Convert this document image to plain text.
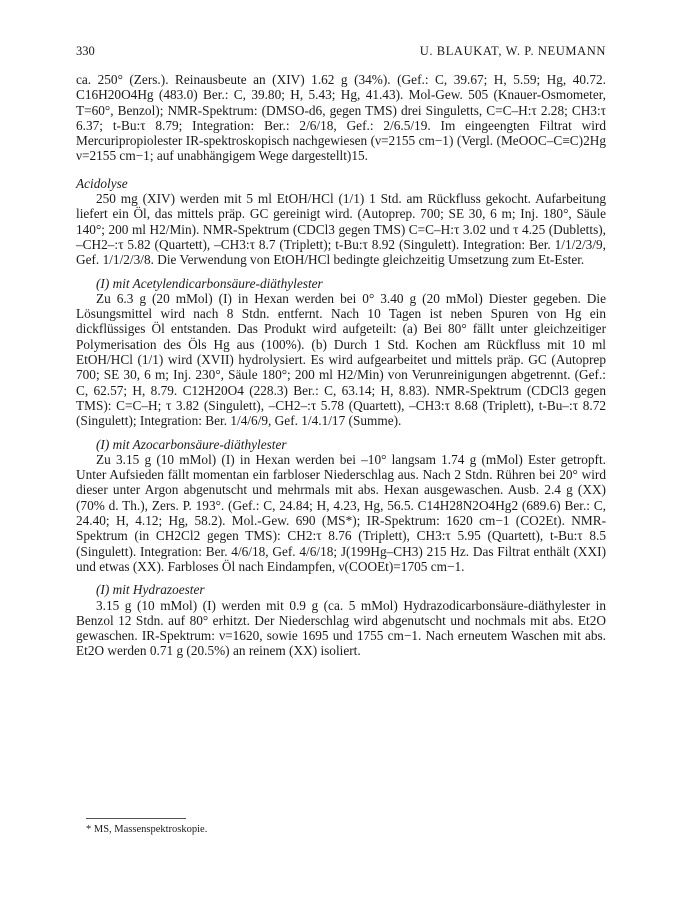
330	U. BLAUKAT, W. P. NEUMANN

ca. 250° (Zers.). Reinausbeute an (XIV) 1.62 g (34%). (Gef.: C, 39.67; H, 5.59; Hg, 40.72. C16H20O4Hg (483.0) Ber.: C, 39.80; H, 5.43; Hg, 41.43). Mol-Gew. 505 (Knauer-Osmometer, T=60°, Benzol); NMR-Spektrum: (DMSO-d6, gegen TMS) drei Singuletts, C=C–H:τ 2.28; CH3:τ 6.37; t-Bu:τ 8.79; Integration: Ber.: 2/6/18, Gef.: 2/6.5/19. Im eingeengten Filtrat wird Mercuripropiolester IR-spektroskopisch nachgewiesen (ν=2155 cm−1) (Vergl. (MeOOC–C≡C)2Hg ν=2155 cm−1; auf unabhängigem Wege dargestellt)15.

Acidolyse

250 mg (XIV) werden mit 5 ml EtOH/HCl (1/1) 1 Std. am Rückfluss gekocht. Aufarbeitung liefert ein Öl, das mittels präp. GC gereinigt wird. (Autoprep. 700; SE 30, 6 m; Inj. 180°, Säule 140°; 200 ml H2/Min). NMR-Spektrum (CDCl3 gegen TMS) C=C–H:τ 3.02 und τ 4.25 (Dubletts), –CH2–:τ 5.82 (Quartett), –CH3:τ 8.7 (Triplett); t-Bu:τ 8.92 (Singulett). Integration: Ber. 1/1/2/3/9, Gef. 1/1/2/3/8. Die Verwendung von EtOH/HCl bedingte gleichzeitig Umsetzung zum Et-Ester.

(I) mit Acetylendicarbonsäure-diäthylester

Zu 6.3 g (20 mMol) (I) in Hexan werden bei 0° 3.40 g (20 mMol) Diester gegeben. Die Lösungsmittel wird nach 8 Stdn. entfernt. Nach 10 Tagen ist neben Spuren von Hg ein dickflüssiges Öl entstanden. Das Produkt wird aufgeteilt: (a) Bei 80° fällt unter gleichzeitiger Polymerisation des Öls Hg aus (100%). (b) Durch 1 Std. Kochen am Rückfluss mit 10 ml EtOH/HCl (1/1) wird (XVII) hydrolysiert. Es wird aufgearbeitet und mittels präp. GC (Autoprep 700; SE 30, 6 m; Inj. 230°, Säule 180°; 200 ml H2/Min) von Verunreinigungen abgetrennt. (Gef.: C, 62.57; H, 8.79. C12H20O4 (228.3) Ber.: C, 63.14; H, 8.83). NMR-Spektrum (CDCl3 gegen TMS): C=C–H; τ 3.82 (Singulett), –CH2–:τ 5.78 (Quartett), –CH3:τ 8.68 (Triplett), t-Bu–:τ 8.72 (Singulett); Integration: Ber. 1/4/6/9, Gef. 1/4.1/17 (Summe).

(I) mit Azocarbonsäure-diäthylester

Zu 3.15 g (10 mMol) (I) in Hexan werden bei –10° langsam 1.74 g (mMol) Ester getropft. Unter Aufsieden fällt momentan ein farbloser Niederschlag aus. Nach 2 Stdn. Rühren bei 20° wird dieser unter Argon abgenutscht und mehrmals mit abs. Hexan ausgewaschen. Ausb. 2.4 g (XX) (70% d. Th.), Zers. P. 193°. (Gef.: C, 24.84; H, 4.23, Hg, 56.5. C14H28N2O4Hg2 (689.6) Ber.: C, 24.40; H, 4.12; Hg, 58.2). Mol.-Gew. 690 (MS*); IR-Spektrum: 1620 cm−1 (CO2Et). NMR-Spektrum (in CH2Cl2 gegen TMS): CH2:τ 8.76 (Triplett), CH3:τ 5.95 (Quartett), t-Bu:τ 8.5 (Singulett). Integration: Ber. 4/6/18, Gef. 4/6/18; J(199Hg–CH3) 215 Hz. Das Filtrat enthält (XXI) und etwas (XX). Farbloses Öl nach Eindampfen, ν(COOEt)=1705 cm−1.

(I) mit Hydrazoester

3.15 g (10 mMol) (I) werden mit 0.9 g (ca. 5 mMol) Hydrazodicarbonsäure-diäthylester in Benzol 12 Stdn. auf 80° erhitzt. Der Niederschlag wird abgenutscht und nochmals mit abs. Et2O gewaschen. IR-Spektrum: ν=1620, sowie 1695 und 1755 cm−1. Nach erneutem Waschen mit abs. Et2O werden 0.71 g (20.5%) an reinem (XX) isoliert.

* MS, Massenspektroskopie.
